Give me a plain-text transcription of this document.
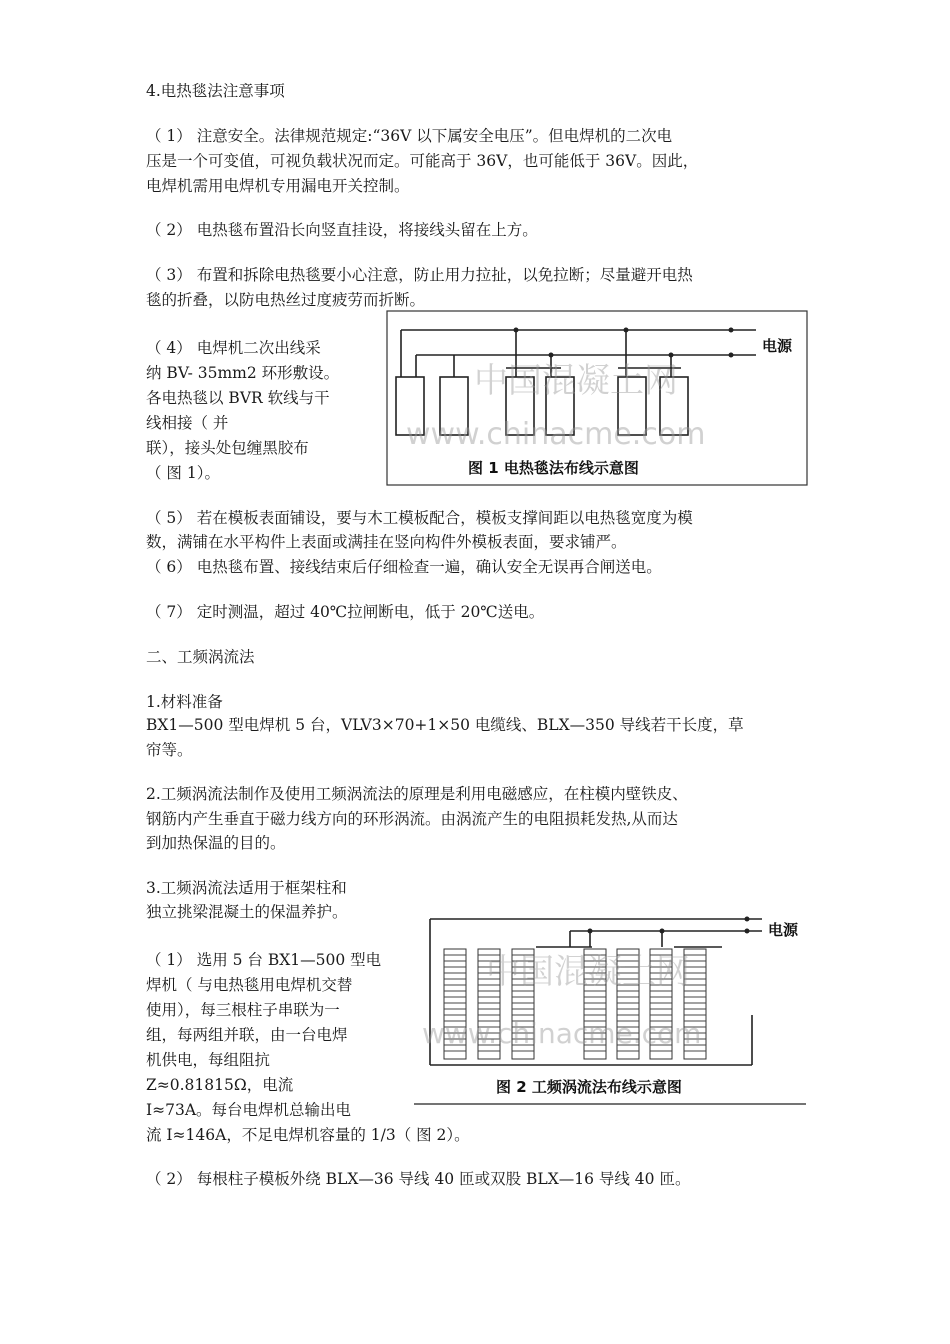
4.电热毯法注意事项
（ 1） 注意安全。法律规范规定:“36V 以下属安全电压”。但电焊机的二次电
压是一个可变值，可视负载状况而定。可能高于 36V，也可能低于 36V。因此，
电焊机需用电焊机专用漏电开关控制。
（ 2） 电热毯布置沿长向竖直挂设，将接线头留在上方。
（ 3） 布置和拆除电热毯要小心注意，防止用力拉扯，以免拉断；尽量避开电热
毯的折叠，以防电热丝过度疲劳而折断。
（ 4） 电焊机二次出线采
纳 BV- 35mm2 环形敷设。
各电热毯以 BVR 软线与干
线相接（ 并
联），接头处包缠黑胶布
（ 图 1）。
电源
中国混凝土网
www.chinacme.com
图 1 电热毯法布线示意图
（ 5） 若在模板表面铺设，要与木工模板配合，模板支撑间距以电热毯宽度为模
数，满铺在水平构件上表面或满挂在竖向构件外模板表面，要求铺严。
（ 6） 电热毯布置、接线结束后仔细检查一遍，确认安全无误再合闸送电。
（ 7） 定时测温，超过 40℃拉闸断电，低于 20℃送电。
二、工频涡流法
1.材料准备
BX1—500 型电焊机 5 台，VLV3×70+1×50 电缆线、BLX—350 导线若干长度，草
帘等。
2.工频涡流法制作及使用工频涡流法的原理是利用电磁感应，在柱模内壁铁皮、
钢筋内产生垂直于磁力线方向的环形涡流。由涡流产生的电阻损耗发热,从而达
到加热保温的目的。
3.工频涡流法适用于框架柱和
独立挑梁混凝土的保温养护。
（ 1） 选用 5 台 BX1—500 型电
焊机（ 与电热毯用电焊机交替
使用），每三根柱子串联为一
组，每两组并联，由一台电焊
机供电，每组阻抗
Z≈0.81815Ω，电流
I≈73A。每台电焊机总输出电
流 I≈146A，不足电焊机容量的 1/3（ 图 2）。
电源
中国混凝土网
www.chinacme.com
图 2 工频涡流法布线示意图
（ 2） 每根柱子模板外绕 BLX—36 导线 40 匝或双股 BLX—16 导线 40 匝。
